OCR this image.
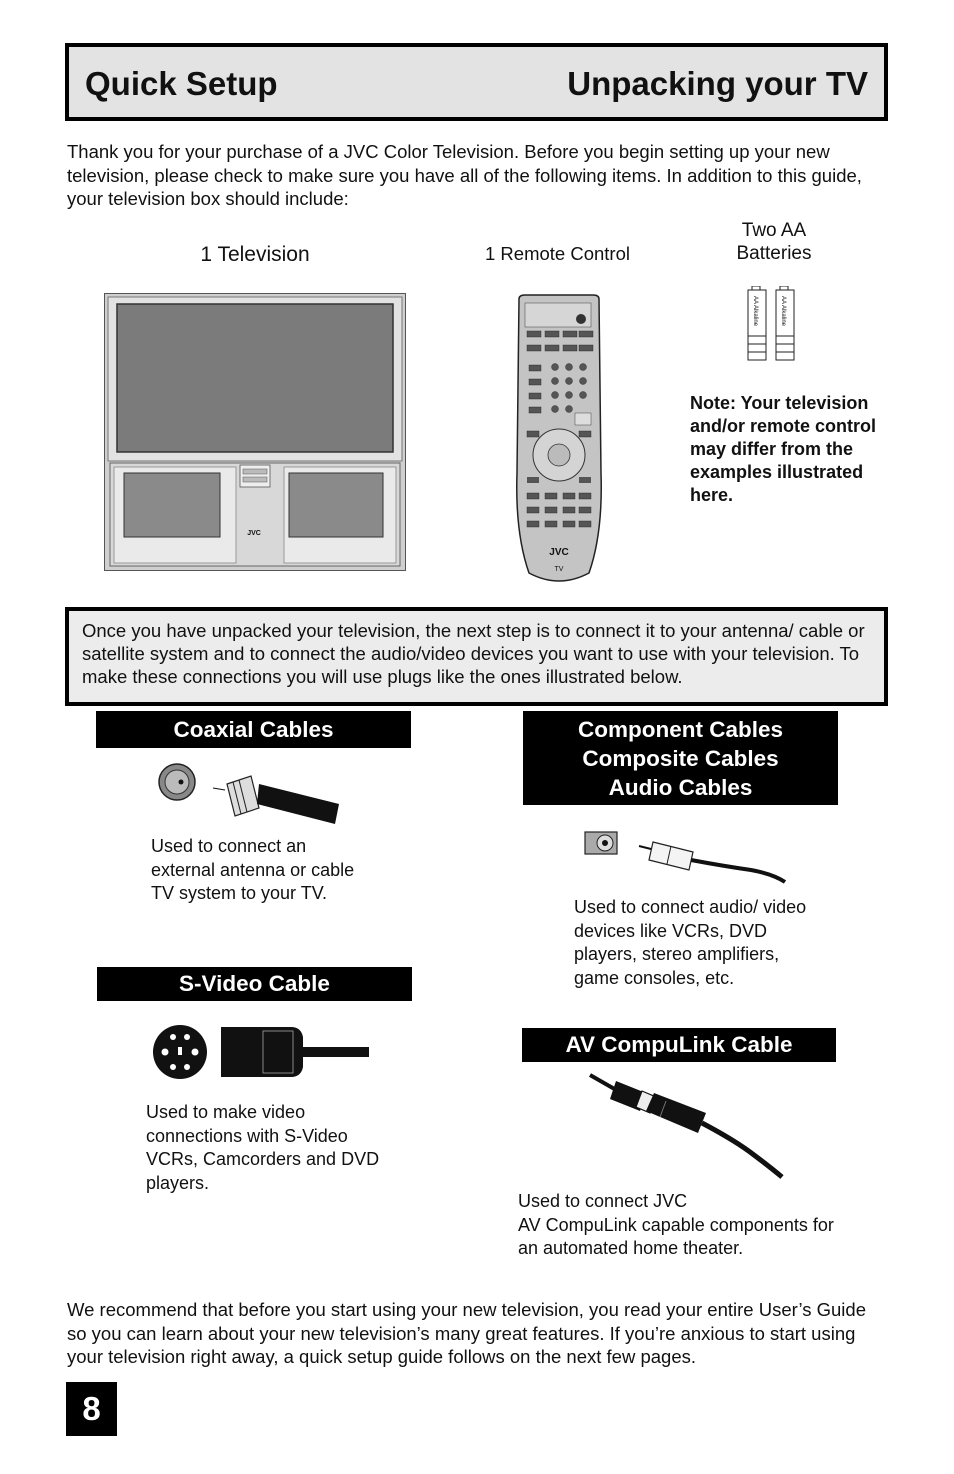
Quick Setup	Unpacking your TV

Thank you for your purchase of a JVC Color Television. Before you begin setting up your new television, please check to make sure you have all of the following items. In addition to this guide, your television box should include:

1 Television	1 Remote Control
Two AA Batteries
JVC
JVC
TV
AA Alkaline	AA Alkaline

Note: Your television and/or remote control may differ from the examples illustrated here.

Once you have unpacked your television, the next step is to connect it to your antenna/ cable or satellite system and to connect the audio/video devices you want to use with your television. To make these connections you will use plugs like the ones illustrated below.

Coaxial Cables

Used to connect an external antenna or cable TV system to your TV.

Component Cables
Composite Cables
Audio Cables

Used to connect audio/ video devices like VCRs, DVD players, stereo amplifiers, game consoles, etc.

S-Video Cable

Used to make video connections with S-Video VCRs, Camcorders and DVD players.

AV CompuLink Cable
Used to connect JVC
AV CompuLink capable components for an automated home theater.

We recommend that before you start using your new television, you read your entire User’s Guide so you can learn about your new television’s many great features. If you’re anxious to start using your television right away, a quick setup guide follows on the next few pages.

8
